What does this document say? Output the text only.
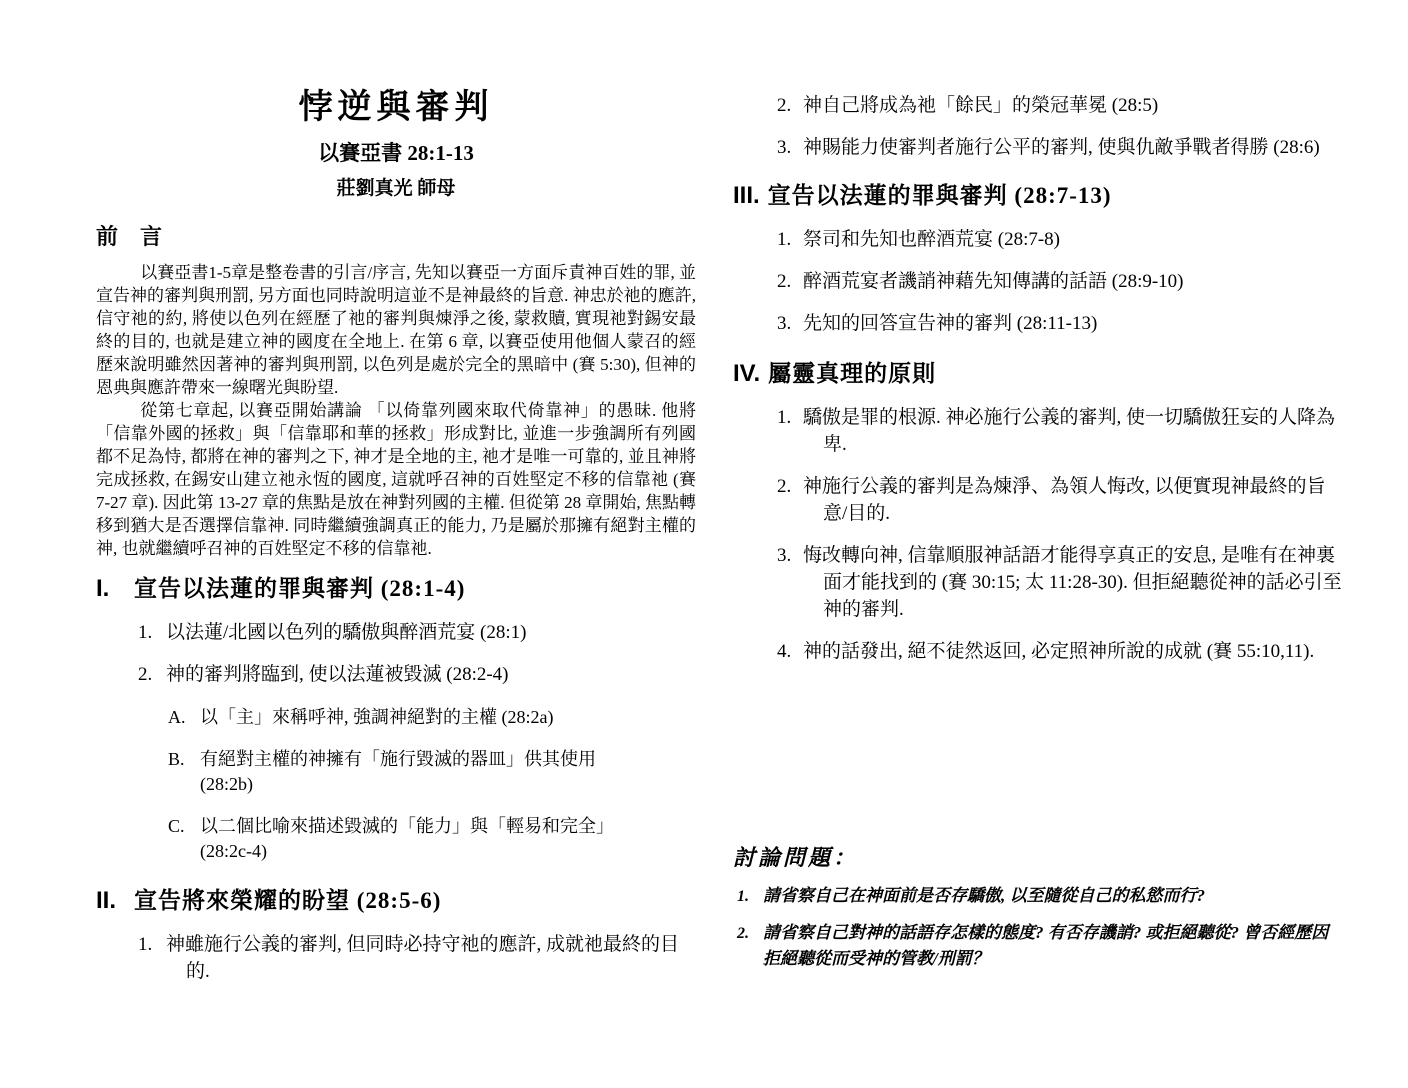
悖逆與審判
以賽亞書 28:1-13
莊劉真光 師母
前　言

以賽亞書1-5章是整卷書的引言/序言, 先知以賽亞一方面斥責神百姓的罪, 並宣告神的審判與刑罰, 另方面也同時說明這並不是神最終的旨意. 神忠於祂的應許, 信守祂的約, 將使以色列在經歷了祂的審判與煉淨之後, 蒙救贖, 實現祂對錫安最終的目的, 也就是建立神的國度在全地上. 在第 6 章, 以賽亞使用他個人蒙召的經歷來說明雖然因著神的審判與刑罰, 以色列是處於完全的黑暗中 (賽 5:30), 但神的恩典與應許帶來一線曙光與盼望.

從第七章起, 以賽亞開始講論 「以倚靠列國來取代倚靠神」的愚昧. 他將「信靠外國的拯救」與「信靠耶和華的拯救」形成對比, 並進一步強調所有列國都不足為恃, 都將在神的審判之下, 神才是全地的主, 祂才是唯一可靠的, 並且神將完成拯救, 在錫安山建立祂永恆的國度, 這就呼召神的百姓堅定不移的信靠祂 (賽 7-27 章). 因此第 13-27 章的焦點是放在神對列國的主權. 但從第 28 章開始, 焦點轉移到猶大是否選擇信靠神. 同時繼續強調真正的能力, 乃是屬於那擁有絕對主權的神, 也就繼續呼召神的百姓堅定不移的信靠祂.

I.	宣告以法蓮的罪與審判 (28:1-4)
1. 以法蓮/北國以色列的驕傲與醉酒荒宴 (28:1)
2. 神的審判將臨到, 使以法蓮被毀滅 (28:2-4)
A. 以「主」來稱呼神, 強調神絕對的主權 (28:2a)
B. 有絕對主權的神擁有「施行毀滅的器皿」供其使用 (28:2b)
C. 以二個比喻來描述毀滅的「能力」與「輕易和完全」 (28:2c-4)
II. 宣告將來榮耀的盼望 (28:5-6)
1. 神雖施行公義的審判, 但同時必持守祂的應許, 成就祂最終的目的.
2. 神自己將成為祂「餘民」的榮冠華冕 (28:5)
3. 神賜能力使審判者施行公平的審判, 使與仇敵爭戰者得勝 (28:6)
III. 宣告以法蓮的罪與審判 (28:7-13)
1. 祭司和先知也醉酒荒宴 (28:7-8)
2. 醉酒荒宴者譏誚神藉先知傳講的話語 (28:9-10)
3. 先知的回答宣告神的審判 (28:11-13)
IV. 屬靈真理的原則
1. 驕傲是罪的根源. 神必施行公義的審判, 使一切驕傲狂妄的人降為卑.
2. 神施行公義的審判是為煉淨、為領人悔改, 以便實現神最終的旨意/目的.
3. 悔改轉向神, 信靠順服神話語才能得享真正的安息, 是唯有在神裏面才能找到的 (賽 30:15; 太 11:28-30). 但拒絕聽從神的話必引至神的審判.
4. 神的話發出, 絕不徒然返回, 必定照神所說的成就 (賽 55:10,11).
討論問題：
1. 請省察自己在神面前是否存驕傲, 以至隨從自己的私慾而行?
2. 請省察自己對神的話語存怎樣的態度? 有否存譏誚? 或拒絕聽從? 曾否經歷因拒絕聽從而受神的管教/刑罰？
